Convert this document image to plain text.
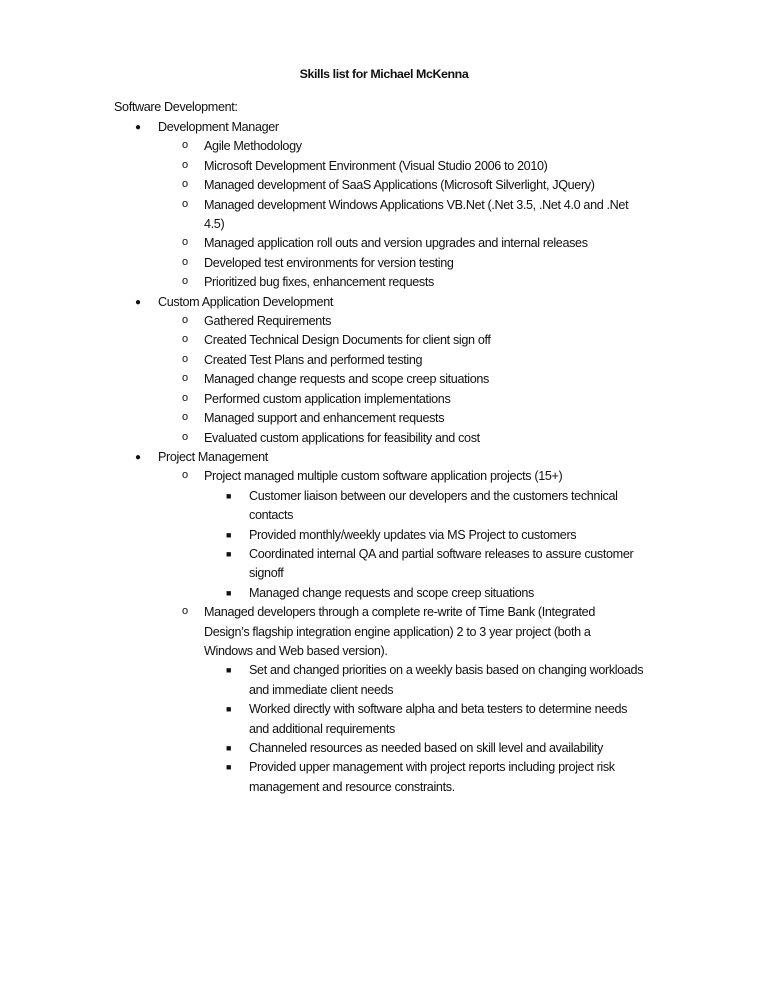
Skills list for Michael McKenna
Software Development:
● Development Manager
o Agile Methodology
o Microsoft Development Environment (Visual Studio 2006 to 2010)
o Managed development of SaaS Applications (Microsoft Silverlight, JQuery)
o Managed development Windows Applications VB.Net (.Net 3.5, .Net 4.0 and .Net 4.5)
o Managed application roll outs and version upgrades and internal releases
o Developed test environments for version testing
o Prioritized bug fixes, enhancement requests
● Custom Application Development
o Gathered Requirements
o Created Technical Design Documents for client sign off
o Created Test Plans and performed testing
o Managed change requests and scope creep situations
o Performed custom application implementations
o Managed support and enhancement requests
o Evaluated custom applications for feasibility and cost
● Project Management
o Project managed multiple custom software application projects (15+)
■ Customer liaison between our developers and the customers technical contacts
■ Provided monthly/weekly updates via MS Project to customers
■ Coordinated internal QA and partial software releases to assure customer signoff
■ Managed change requests and scope creep situations
o Managed developers through a complete re-write of Time Bank (Integrated Design’s flagship integration engine application) 2 to 3 year project (both a Windows and Web based version).
■ Set and changed priorities on a weekly basis based on changing workloads and immediate client needs
■ Worked directly with software alpha and beta testers to determine needs and additional requirements
■ Channeled resources as needed based on skill level and availability
■ Provided upper management with project reports including project risk management and resource constraints.
